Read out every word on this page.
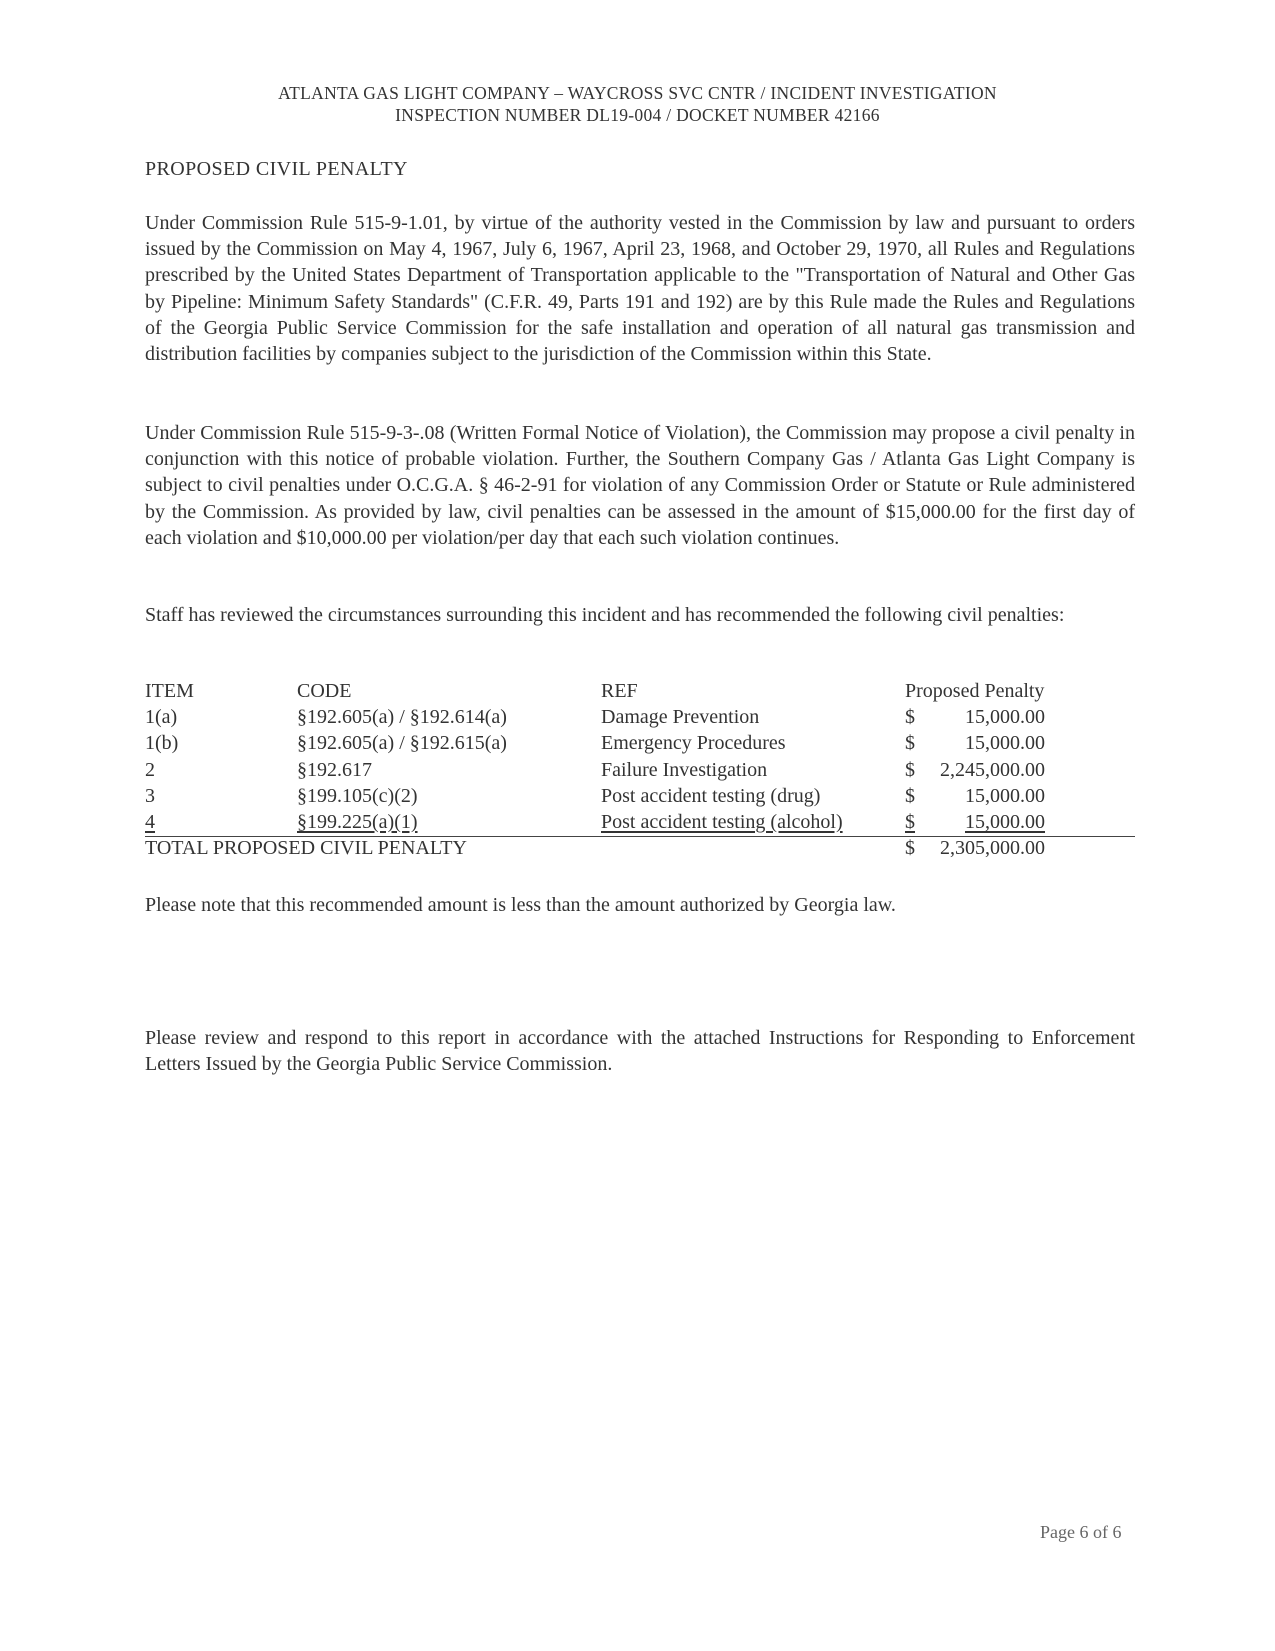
ATLANTA GAS LIGHT COMPANY – WAYCROSS SVC CNTR / INCIDENT INVESTIGATION
INSPECTION NUMBER DL19-004 / DOCKET NUMBER 42166
PROPOSED CIVIL PENALTY

Under Commission Rule 515-9-1.01, by virtue of the authority vested in the Commission by law and pursuant to orders issued by the Commission on May 4, 1967, July 6, 1967, April 23, 1968, and October 29, 1970, all Rules and Regulations prescribed by the United States Department of Transportation applicable to the "Transportation of Natural and Other Gas by Pipeline: Minimum Safety Standards" (C.F.R. 49, Parts 191 and 192) are by this Rule made the Rules and Regulations of the Georgia Public Service Commission for the safe installation and operation of all natural gas transmission and distribution facilities by companies subject to the jurisdiction of the Commission within this State.

Under Commission Rule 515-9-3-.08 (Written Formal Notice of Violation), the Commission may propose a civil penalty in conjunction with this notice of probable violation. Further, the Southern Company Gas / Atlanta Gas Light Company is subject to civil penalties under O.C.G.A. § 46-2-91 for violation of any Commission Order or Statute or Rule administered by the Commission. As provided by law, civil penalties can be assessed in the amount of $15,000.00 for the first day of each violation and $10,000.00 per violation/per day that each such violation continues.

Staff has reviewed the circumstances surrounding this incident and has recommended the following civil penalties:

ITEM	CODE	REF	Proposed Penalty
1(a)	§192.605(a) / §192.614(a)	Damage Prevention	$	15,000.00
1(b)	§192.605(a) / §192.615(a)	Emergency Procedures	$	15,000.00
2	§192.617	Failure Investigation	$	2,245,000.00
3	§199.105(c)(2)	Post accident testing (drug)	$	15,000.00
4	§199.225(a)(1)	Post accident testing (alcohol)	$	15,000.00
TOTAL PROPOSED CIVIL PENALTY	$	2,305,000.00

Please note that this recommended amount is less than the amount authorized by Georgia law.

Please review and respond to this report in accordance with the attached Instructions for Responding to Enforcement Letters Issued by the Georgia Public Service Commission.

Page 6 of 6
